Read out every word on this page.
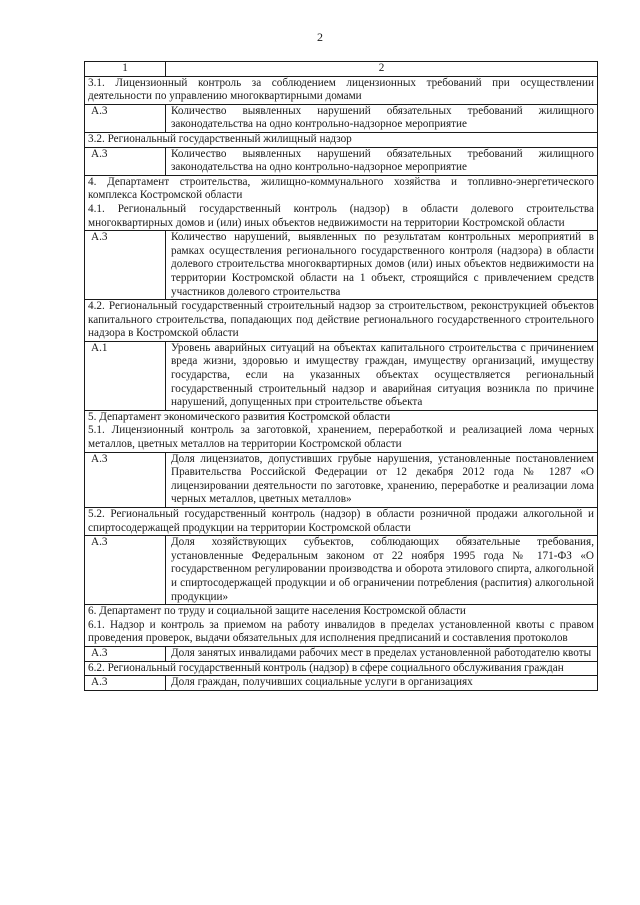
2
1	2

3.1. Лицензионный контроль за соблюдением лицензионных требований при осуществлении деятельности по управлению многоквартирными домами	

А.3	Количество выявленных нарушений обязательных требований жилищного законодательства на одно контрольно-надзорное мероприятие

3.2. Региональный государственный жилищный надзор	

А.3	Количество выявленных нарушений обязательных требований жилищного законодательства на одно контрольно-надзорное мероприятие

4. Департамент строительства, жилищно-коммунального хозяйства и топливно-энергетического комплекса Костромской области
4.1. Региональный государственный контроль (надзор) в области долевого строительства многоквартирных домов и (или) иных объектов недвижимости на территории Костромской области	

А.3	Количество нарушений, выявленных по результатам контрольных мероприятий в рамках осуществления регионального государственного контроля (надзора) в области долевого строительства многоквартирных домов (или) иных объектов недвижимости на территории Костромской области на 1 объект, строящийся с привлечением средств участников долевого строительства

4.2. Региональный государственный строительный надзор за строительством, реконструкцией объектов капитального строительства, попадающих под действие регионального государственного строительного надзора в Костромской области	

А.1	Уровень аварийных ситуаций на объектах капитального строительства с причинением вреда жизни, здоровью и имуществу граждан, имуществу организаций, имуществу государства, если на указанных объектах осуществляется региональный государственный строительный надзор и аварийная ситуация возникла по причине нарушений, допущенных при строительстве объекта

5. Департамент экономического развития Костромской области
5.1. Лицензионный контроль за заготовкой, хранением, переработкой и реализацией лома черных металлов, цветных металлов на территории Костромской области	

А.3	Доля лицензиатов, допустивших грубые нарушения, установленные постановлением Правительства Российской Федерации от 12 декабря 2012 года № 1287 «О лицензировании деятельности по заготовке, хранению, переработке и реализации лома черных металлов, цветных металлов»

5.2. Региональный государственный контроль (надзор) в области розничной продажи алкогольной и спиртосодержащей продукции на территории Костромской области	

А.3	Доля хозяйствующих субъектов, соблюдающих обязательные требования, установленные Федеральным законом от 22 ноября 1995 года № 171-ФЗ «О государственном регулировании производства и оборота этилового спирта, алкогольной и спиртосодержащей продукции и об ограничении потребления (распития) алкогольной продукции»

6. Департамент по труду и социальной защите населения Костромской области
6.1. Надзор и контроль за приемом на работу инвалидов в пределах установленной квоты с правом проведения проверок, выдачи обязательных для исполнения предписаний и составления протоколов	

А.3	Доля занятых инвалидами рабочих мест в пределах установленной работодателю квоты

6.2. Региональный государственный контроль (надзор) в сфере социального обслуживания граждан	

А.3	Доля граждан, получивших социальные услуги в организациях
